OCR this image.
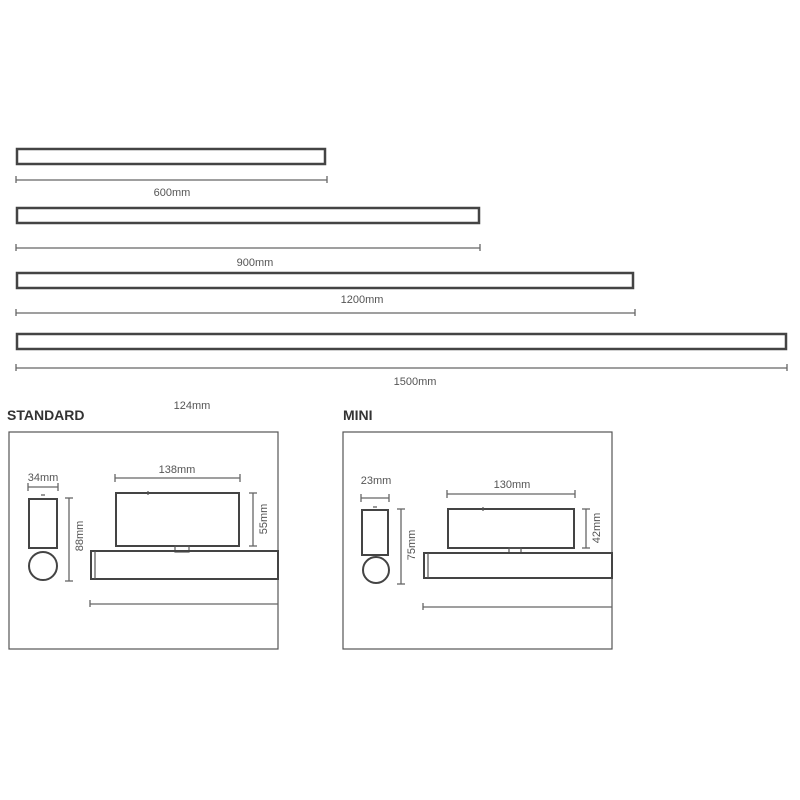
600mm
900mm
1200mm
1500mm
124mm
STANDARD
34mm
88mm
138mm
55mm
MINI
23mm
75mm
130mm
42mm
